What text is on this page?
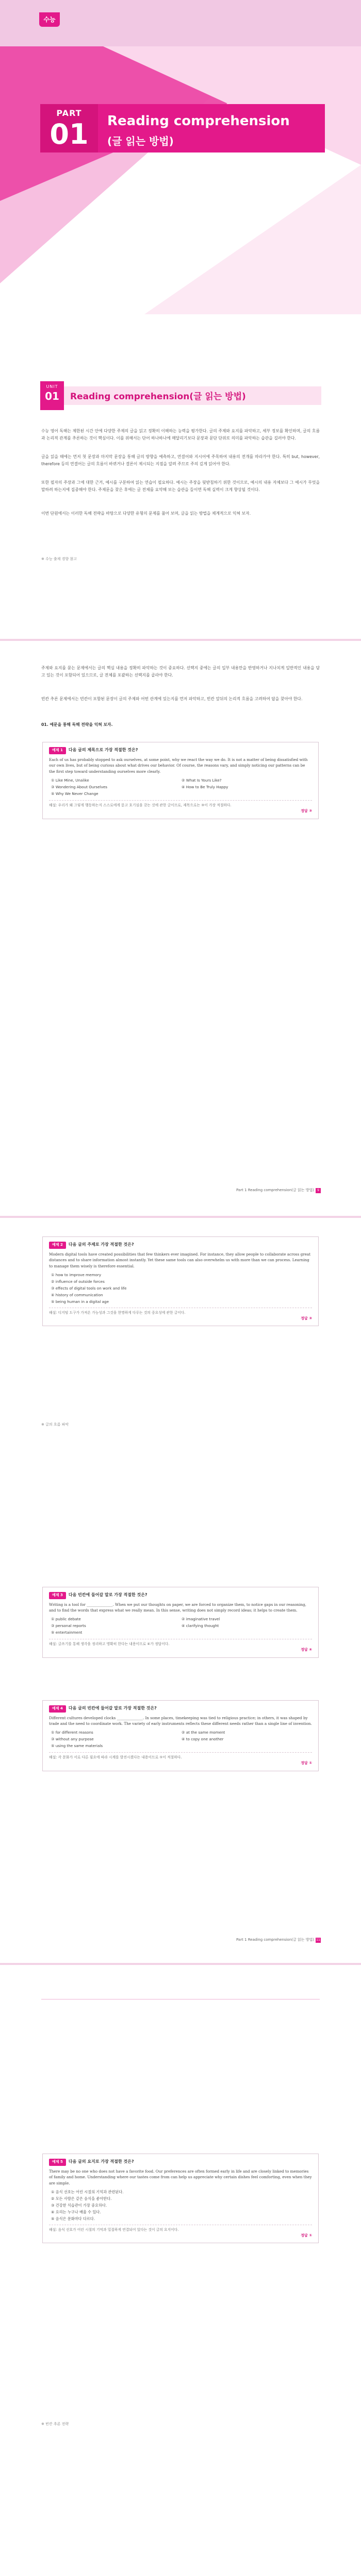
수능
PART
01	Reading comprehension
(글 읽는 방법)
UNIT
01	Reading comprehension(글 읽는 방법)
수능 영어 독해는 제한된 시간 안에 다양한 주제의 글을 읽고 정확히 이해하는 능력을 평가한다. 글의 주제와 요지를 파악하고, 세부 정보를 확인하며, 글의 흐름과 논리적 관계를 추론하는 것이 핵심이다. 이를 위해서는 단어 하나하나에 매달리기보다 문장과 문단 단위로 의미를 파악하는 습관을 길러야 한다.
글을 읽을 때에는 먼저 첫 문장과 마지막 문장을 통해 글의 방향을 예측하고, 연결어와 지시어에 주목하여 내용의 전개를 따라가야 한다. 특히 but, however, therefore 등의 연결어는 글의 흐름이 바뀌거나 결론이 제시되는 지점을 알려 주므로 주의 깊게 읽어야 한다.
또한 필자의 주장과 그에 대한 근거, 예시를 구분하여 읽는 연습이 필요하다. 예시는 주장을 뒷받침하기 위한 것이므로, 예시의 내용 자체보다 그 예시가 무엇을 말하려 하는지에 집중해야 한다. 주제문을 찾은 후에는 글 전체를 요약해 보는 습관을 들이면 독해 실력이 크게 향상될 것이다.
이번 단원에서는 이러한 독해 전략을 바탕으로 다양한 유형의 문제를 풀어 보며, 글을 읽는 방법을 체계적으로 익혀 보자.
※ 수능 출제 경향 참고
주제와 요지를 묻는 문제에서는 글의 핵심 내용을 정확히 파악하는 것이 중요하다. 선택지 중에는 글의 일부 내용만을 반영하거나 지나치게 일반적인 내용을 담고 있는 것이 포함되어 있으므로, 글 전체를 포괄하는 선택지를 골라야 한다.
빈칸 추론 문제에서는 빈칸이 포함된 문장이 글의 주제와 어떤 관계에 있는지를 먼저 파악하고, 빈칸 앞뒤의 논리적 흐름을 고려하여 답을 찾아야 한다.
01. 예문을 통해 독해 전략을 익혀 보자.
예제 1 다음 글의 제목으로 가장 적절한 것은?
Each of us has probably stopped to ask ourselves, at some point, why we react the way we do. It is not a matter of being dissatisfied with our own lives, but of being curious about what drives our behavior. Of course, the reasons vary, and simply noticing our patterns can be the first step toward understanding ourselves more clearly.
① Like Mine, Unalike	② What Is Yours Like?
③ Wondering About Ourselves	④ How to Be Truly Happy
⑤ Why We Never Change
해설: 우리가 왜 그렇게 행동하는지 스스로에게 묻고 호기심을 갖는 것에 관한 글이므로, 제목으로는 ③이 가장 적절하다.
정답 ③
Part 1 Reading comprehension(글 읽는 방법) 9
예제 2 다음 글의 주제로 가장 적절한 것은?
Modern digital tools have created possibilities that few thinkers ever imagined. For instance, they allow people to collaborate across great distances and to share information almost instantly. Yet these same tools can also overwhelm us with more than we can process. Learning to manage them wisely is therefore essential.
① how to improve memory
② influence of outside forces
③ effects of digital tools on work and life
④ history of communication
⑤ being human in a digital age
해설: 디지털 도구가 가져온 가능성과 그것을 현명하게 다루는 것의 중요성에 관한 글이다.
정답 ③
※ 글의 흐름 파악
예제 3 다음 빈칸에 들어갈 말로 가장 적절한 것은?
Writing is a tool for ______________. When we put our thoughts on paper, we are forced to organize them, to notice gaps in our reasoning, and to find the words that express what we really mean. In this sense, writing does not simply record ideas; it helps to create them.
① public debate	② imaginative travel
③ personal reports	④ clarifying thought
⑤ entertainment
해설: 글쓰기를 통해 생각을 정리하고 명확히 한다는 내용이므로 ④가 정답이다.
정답 ④
예제 4 다음 글의 빈칸에 들어갈 말로 가장 적절한 것은?
Different cultures developed clocks ______________. In some places, timekeeping was tied to religious practice; in others, it was shaped by trade and the need to coordinate work. The variety of early instruments reflects these different needs rather than a single line of invention.
① for different reasons	② at the same moment
③ without any purpose	④ to copy one another
⑤ using the same materials
해설: 각 문화가 서로 다른 필요에 따라 시계를 발전시켰다는 내용이므로 ①이 적절하다.
정답 ①
Part 1 Reading comprehension(글 읽는 방법) 11
예제 5 다음 글의 요지로 가장 적절한 것은?
There may be no one who does not have a favorite food. Our preferences are often formed early in life and are closely linked to memories of family and home. Understanding where our tastes come from can help us appreciate why certain dishes feel comforting, even when they are simple.
① 음식 선호는 어린 시절의 기억과 관련된다.
② 모든 사람은 같은 음식을 좋아한다.
③ 건강한 식습관이 가장 중요하다.
④ 요리는 누구나 배울 수 있다.
⑤ 음식은 문화마다 다르다.
해설: 음식 선호가 어린 시절의 기억과 밀접하게 연결되어 있다는 것이 글의 요지이다.
정답 ①
※ 빈칸 추론 전략
